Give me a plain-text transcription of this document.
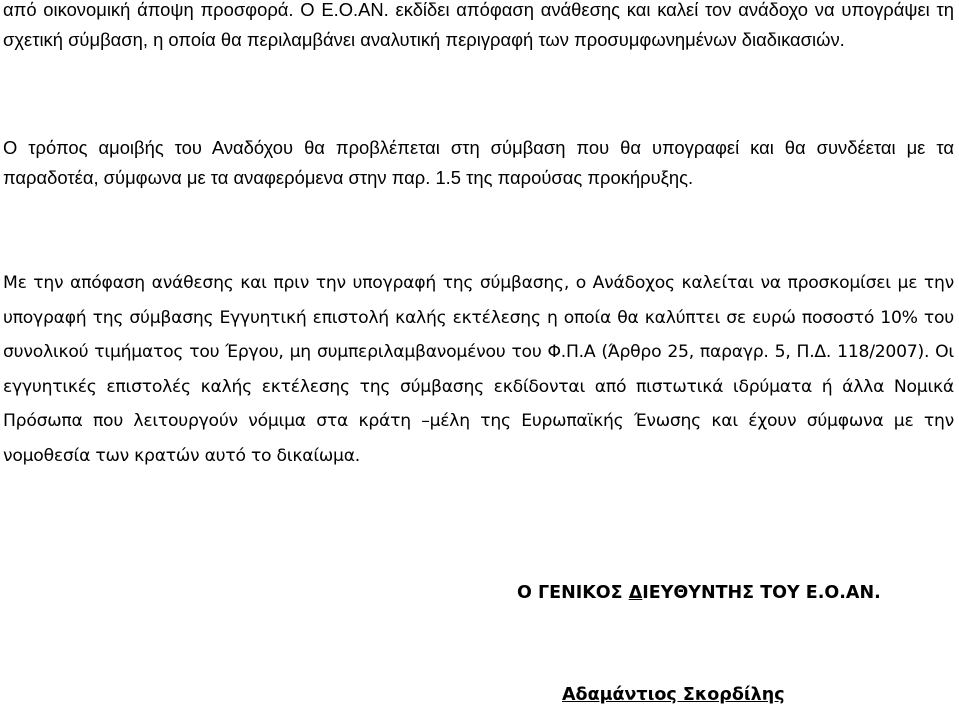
από οικονομική άποψη προσφορά. Ο Ε.Ο.ΑΝ. εκδίδει απόφαση ανάθεσης και καλεί τον ανάδοχο να υπογράψει τη σχετική σύμβαση, η οποία θα περιλαμβάνει αναλυτική περιγραφή των προσυμφωνημένων διαδικασιών.

Ο τρόπος αμοιβής του Αναδόχου θα προβλέπεται στη σύμβαση που θα υπογραφεί και θα συνδέεται με τα παραδοτέα, σύμφωνα με τα αναφερόμενα στην παρ. 1.5 της παρούσας προκήρυξης.

Με την απόφαση ανάθεσης και πριν την υπογραφή της σύμβασης, ο Ανάδοχος καλείται να προσκομίσει με την υπογραφή της σύμβασης Εγγυητική επιστολή καλής εκτέλεσης η οποία θα καλύπτει σε ευρώ ποσοστό 10% του συνολικού τιμήματος του Έργου, μη συμπεριλαμβανομένου του Φ.Π.Α (Άρθρο 25, παραγρ. 5, Π.Δ. 118/2007). Οι εγγυητικές επιστολές καλής εκτέλεσης της σύμβασης εκδίδονται από πιστωτικά ιδρύματα ή άλλα Νομικά Πρόσωπα που λειτουργούν νόμιμα στα κράτη –μέλη της Ευρωπαϊκής Ένωσης και έχουν σύμφωνα με την νομοθεσία των κρατών αυτό το δικαίωμα.

Ο ΓΕΝΙΚΟΣ ΔΙΕΥΘΥΝΤΗΣ ΤΟΥ Ε.Ο.ΑΝ.
Αδαμάντιος Σκορδίλης
